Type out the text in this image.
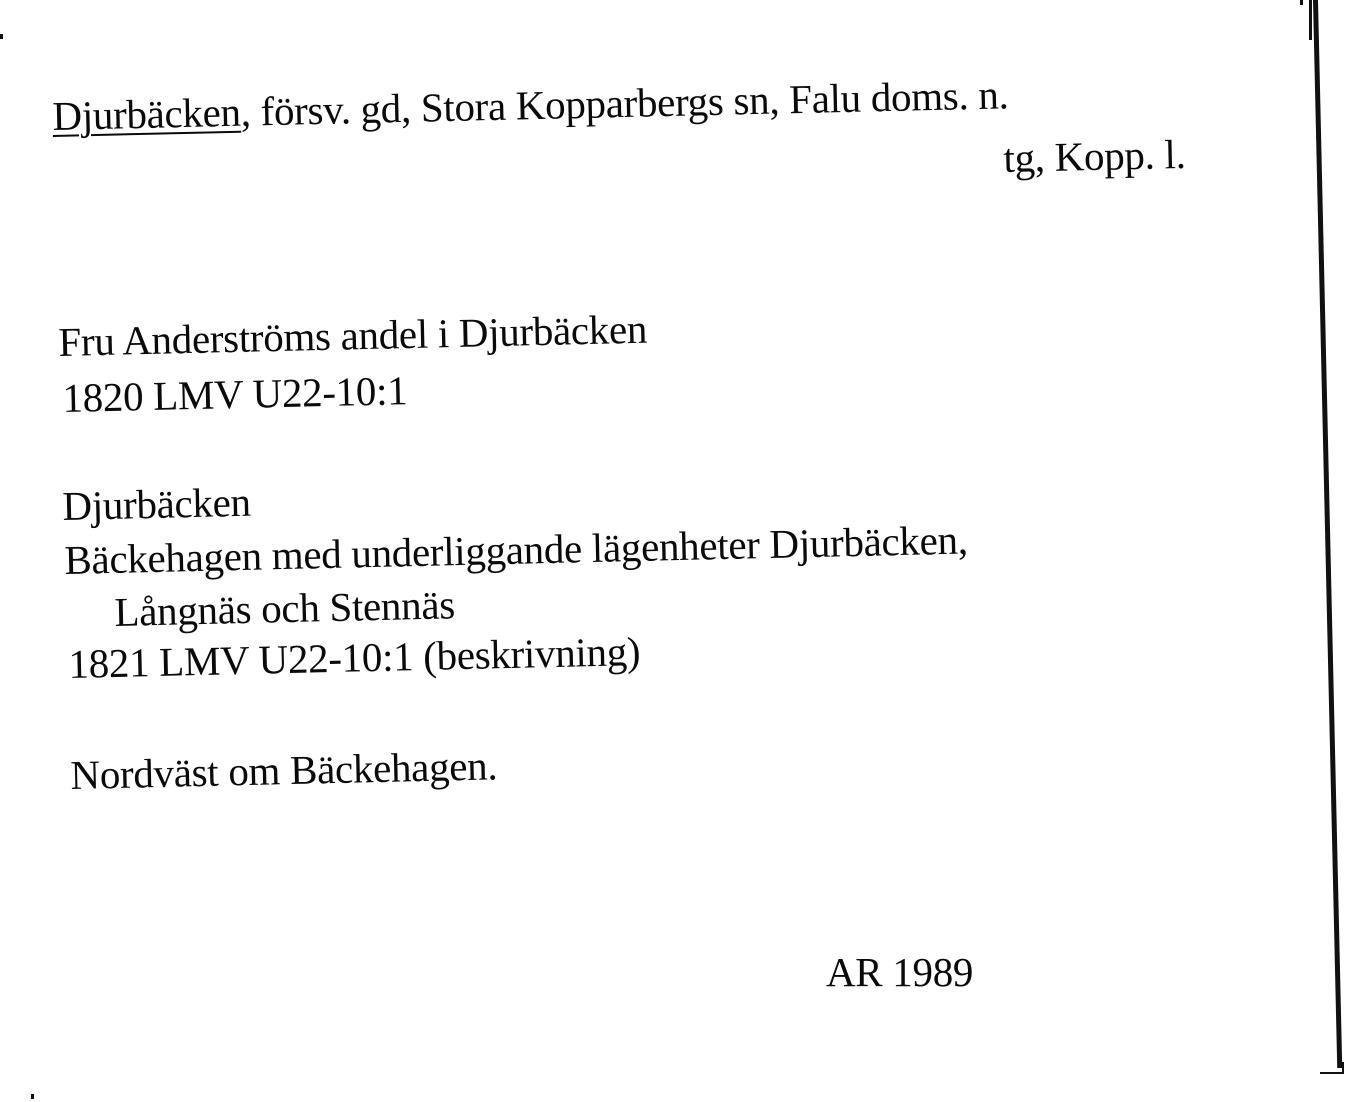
Djurbäcken, försv. gd, Stora Kopparbergs sn, Falu doms. n.
tg, Kopp. l.
Fru Anderströms andel i Djurbäcken
1820 LMV U22-10:1
Djurbäcken
Bäckehagen med underliggande lägenheter Djurbäcken,
Långnäs och Stennäs
1821 LMV U22-10:1 (beskrivning)
Nordväst om Bäckehagen.
AR 1989
